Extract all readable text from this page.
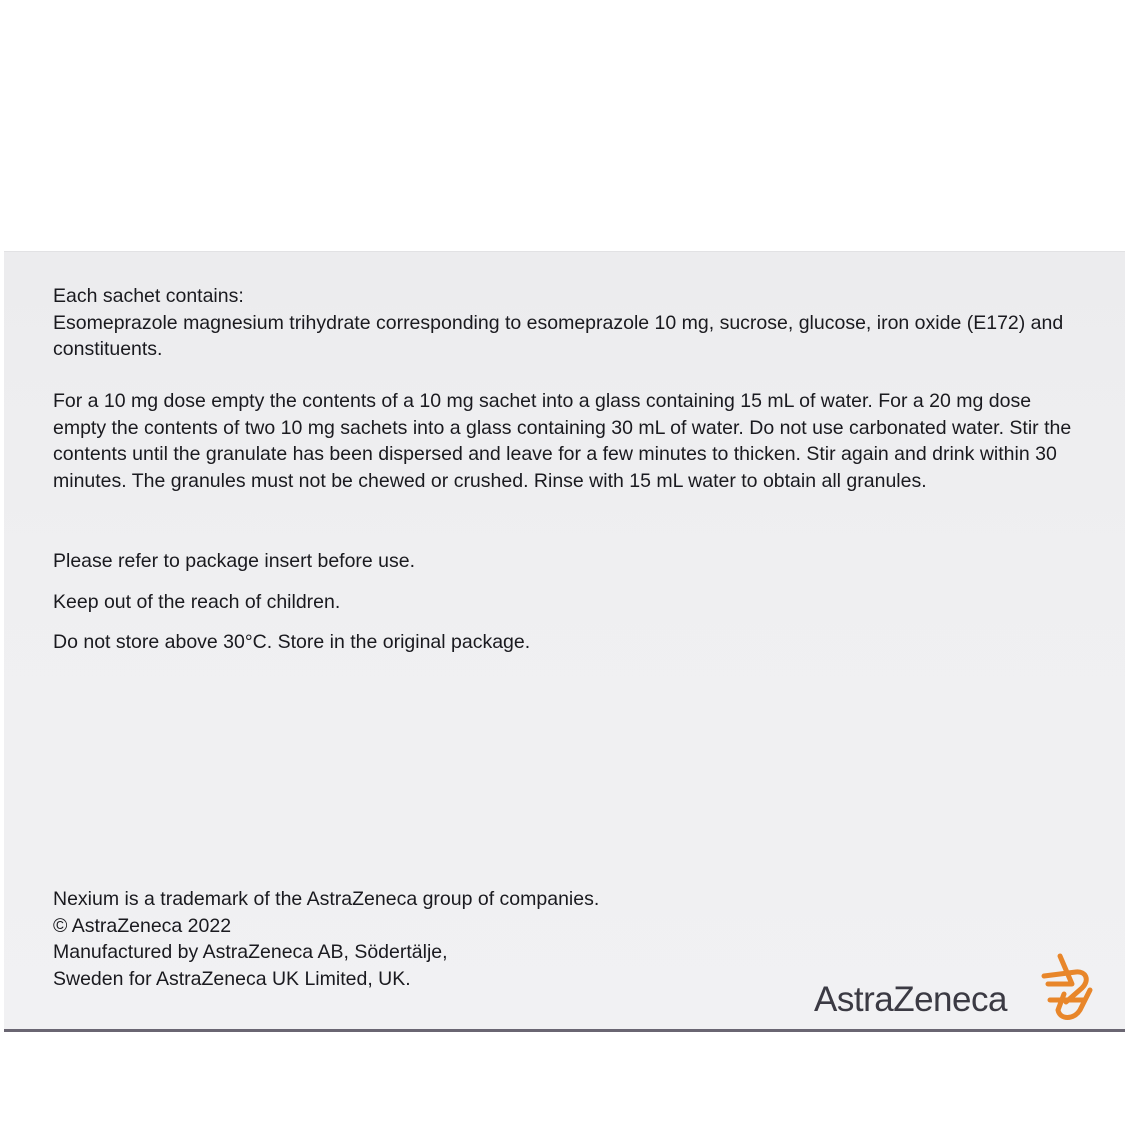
Each sachet contains:
Esomeprazole magnesium trihydrate corresponding to esomeprazole 10 mg, sucrose, glucose, iron oxide (E172) and constituents.

For a 10 mg dose empty the contents of a 10 mg sachet into a glass containing 15 mL of water. For a 20 mg dose empty the contents of two 10 mg sachets into a glass containing 30 mL of water. Do not use carbonated water. Stir the contents until the granulate has been dispersed and leave for a few minutes to thicken. Stir again and drink within 30 minutes. The granules must not be chewed or crushed. Rinse with 15 mL water to obtain all granules.

Please refer to package insert before use.

Keep out of the reach of children.

Do not store above 30°C. Store in the original package.

Nexium is a trademark of the AstraZeneca group of companies.
© AstraZeneca 2022
Manufactured by AstraZeneca AB, Södertälje,
Sweden for AstraZeneca UK Limited, UK.
AstraZeneca
